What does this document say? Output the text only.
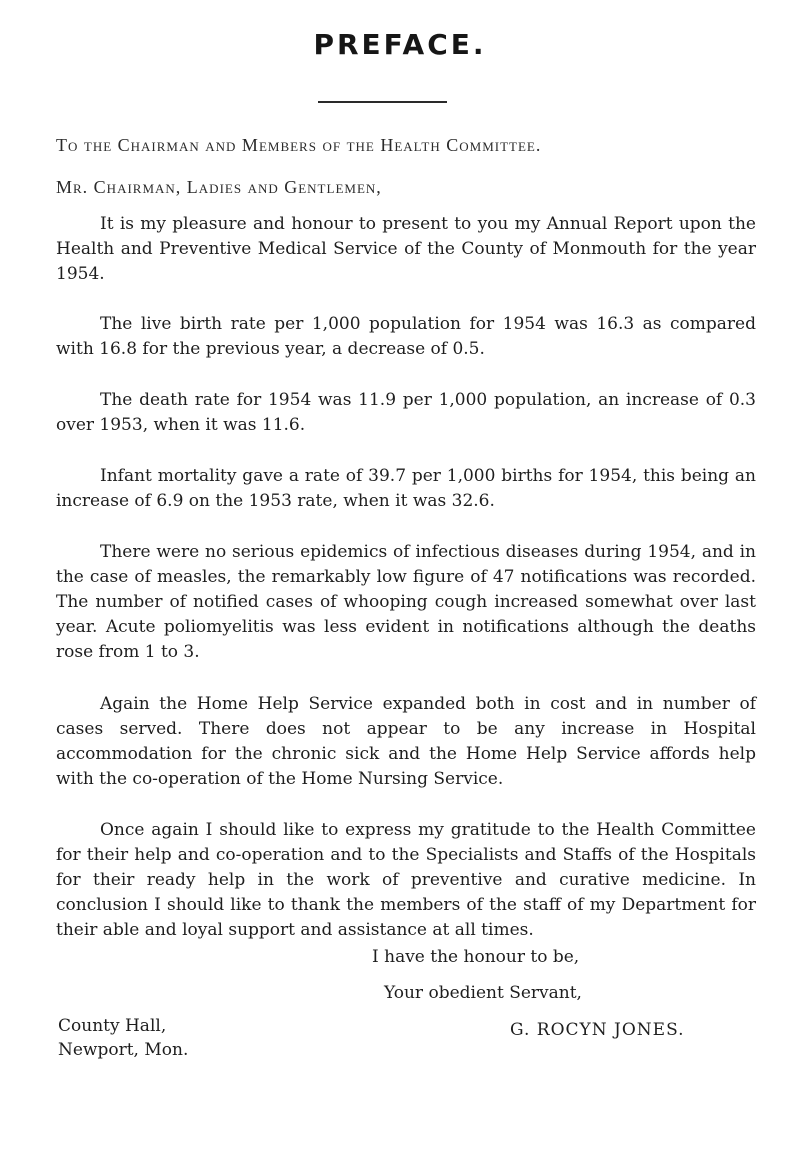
PREFACE.
To the Chairman and Members of the Health Committee.
Mr. Chairman, Ladies and Gentlemen,

It is my pleasure and honour to present to you my Annual Report upon the Health and Preventive Medical Service of the County of Monmouth for the year 1954.

The live birth rate per 1,000 population for 1954 was 16.3 as compared with 16.8 for the previous year, a decrease of 0.5.

The death rate for 1954 was 11.9 per 1,000 population, an increase of 0.3 over 1953, when it was 11.6.

Infant mortality gave a rate of 39.7 per 1,000 births for 1954, this being an increase of 6.9 on the 1953 rate, when it was 32.6.

There were no serious epidemics of infectious diseases during 1954, and in the case of measles, the remarkably low figure of 47 notifications was recorded. The number of notified cases of whooping cough increased somewhat over last year. Acute poliomyelitis was less evident in notifications although the deaths rose from 1 to 3.

Again the Home Help Service expanded both in cost and in number of cases served. There does not appear to be any increase in Hospital accommodation for the chronic sick and the Home Help Service affords help with the co-operation of the Home Nursing Service.

Once again I should like to express my gratitude to the Health Committee for their help and co-operation and to the Specialists and Staffs of the Hospitals for their ready help in the work of preventive and curative medicine. In conclusion I should like to thank the members of the staff of my Department for their able and loyal support and assistance at all times.

I have the honour to be,
Your obedient Servant,
G. ROCYN JONES.
County Hall,
Newport, Mon.
